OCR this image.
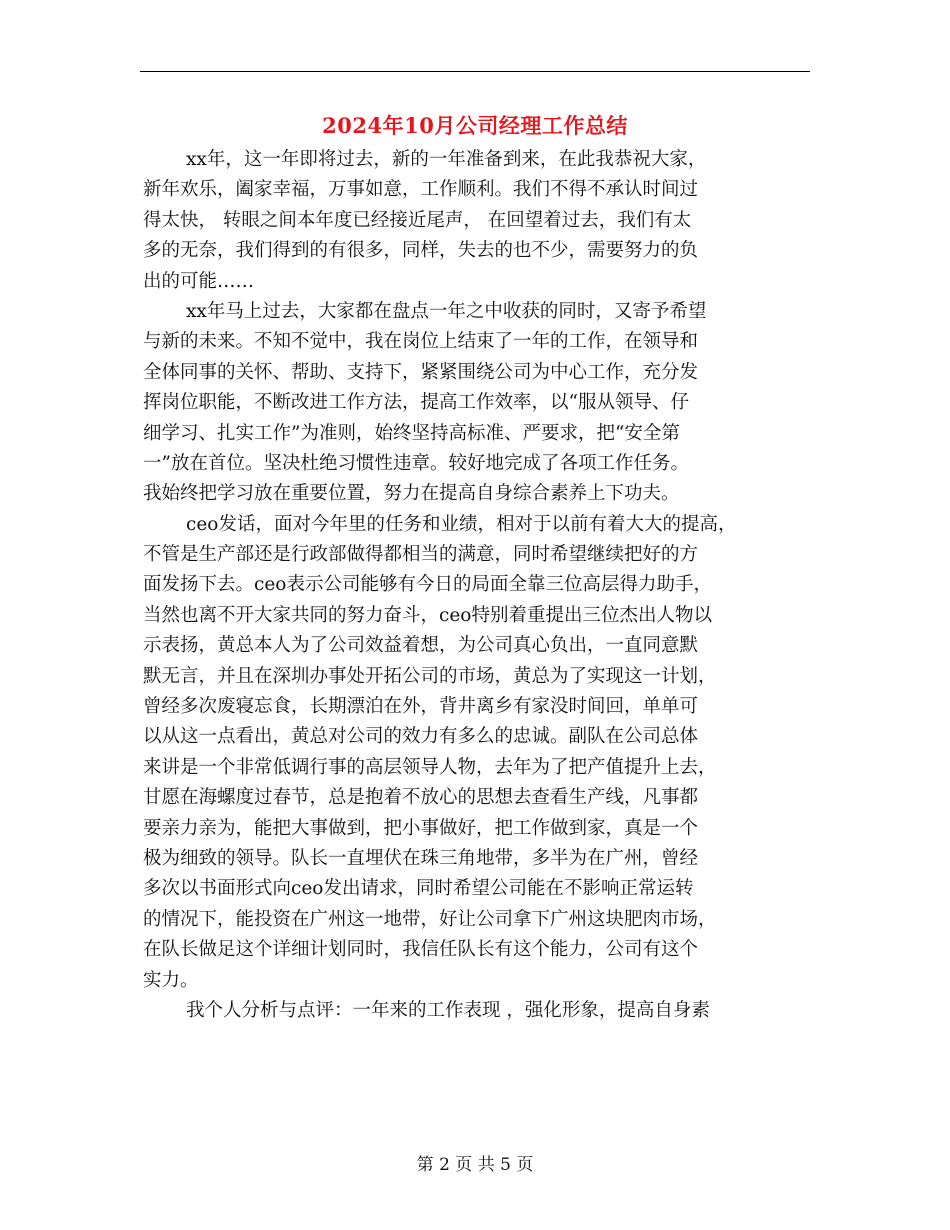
2024年10月公司经理工作总结
xx年，这一年即将过去，新的一年准备到来，在此我恭祝大家，
新年欢乐，阖家幸福，万事如意，工作顺利。我们不得不承认时间过
得太快， 转眼之间本年度已经接近尾声， 在回望着过去，我们有太
多的无奈，我们得到的有很多，同样，失去的也不少，需要努力的负
出的可能……
xx年马上过去，大家都在盘点一年之中收获的同时，又寄予希望
与新的未来。不知不觉中，我在岗位上结束了一年的工作，在领导和
全体同事的关怀、帮助、支持下，紧紧围绕公司为中心工作，充分发
挥岗位职能，不断改进工作方法，提高工作效率，以“服从领导、仔
细学习、扎实工作”为准则，始终坚持高标准、严要求，把“安全第
一”放在首位。坚决杜绝习惯性违章。较好地完成了各项工作任务。
我始终把学习放在重要位置，努力在提高自身综合素养上下功夫。
ceo发话，面对今年里的任务和业绩，相对于以前有着大大的提高，
不管是生产部还是行政部做得都相当的满意，同时希望继续把好的方
面发扬下去。ceo表示公司能够有今日的局面全靠三位高层得力助手，
当然也离不开大家共同的努力奋斗，ceo特别着重提出三位杰出人物以
示表扬，黄总本人为了公司效益着想，为公司真心负出，一直同意默
默无言，并且在深圳办事处开拓公司的市场，黄总为了实现这一计划，
曾经多次废寝忘食，长期漂泊在外，背井离乡有家没时间回，单单可
以从这一点看出，黄总对公司的效力有多么的忠诚。副队在公司总体
来讲是一个非常低调行事的高层领导人物，去年为了把产值提升上去，
甘愿在海螺度过春节，总是抱着不放心的思想去查看生产线，凡事都
要亲力亲为，能把大事做到，把小事做好，把工作做到家，真是一个
极为细致的领导。队长一直埋伏在珠三角地带，多半为在广州，曾经
多次以书面形式向ceo发出请求，同时希望公司能在不影响正常运转
的情况下，能投资在广州这一地带，好让公司拿下广州这块肥肉市场，
在队长做足这个详细计划同时，我信任队长有这个能力，公司有这个
实力。
我个人分析与点评：一年来的工作表现 ，强化形象，提高自身素
第 2 页 共 5 页
